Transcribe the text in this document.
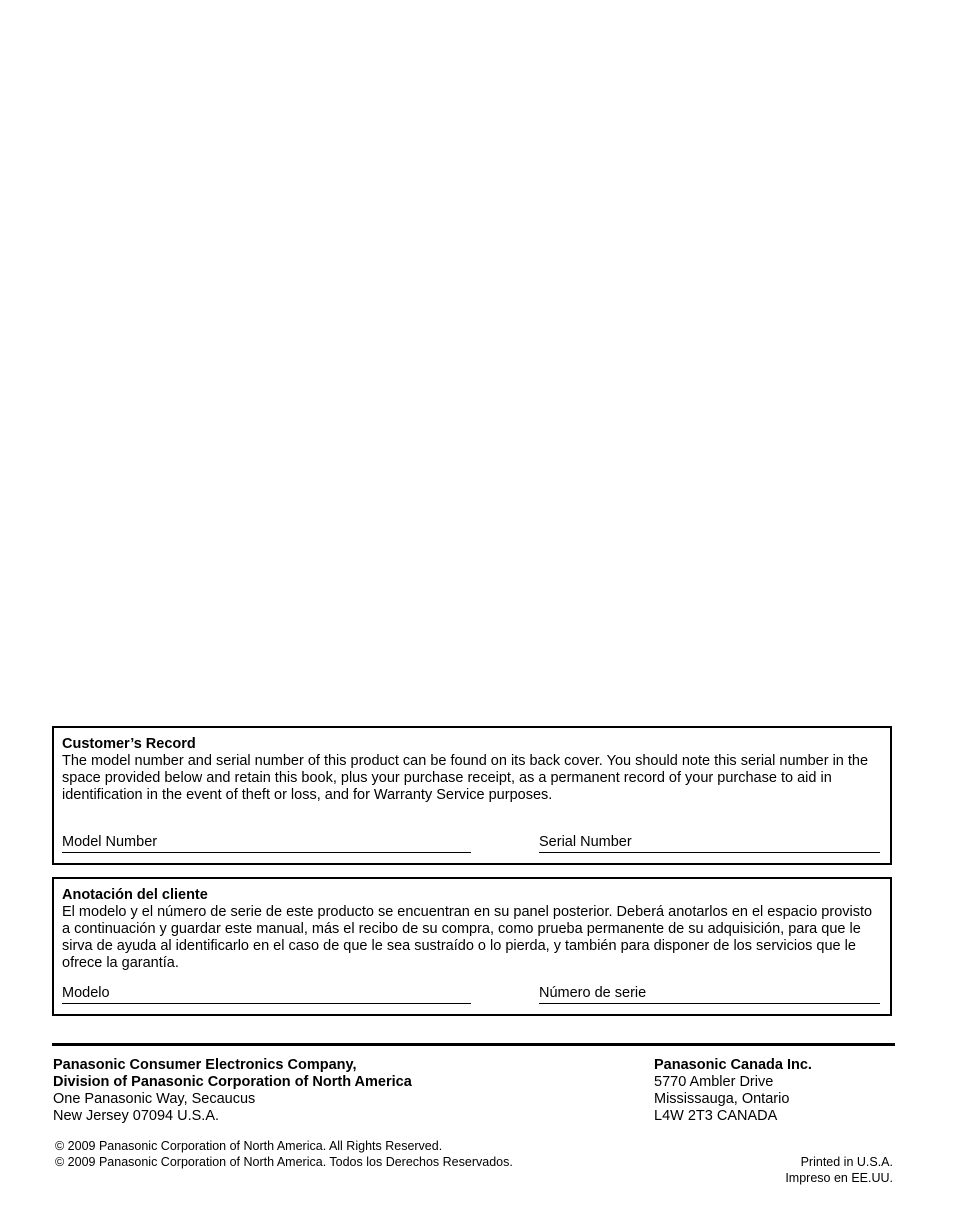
Customer’s Record
The model number and serial number of this product can be found on its back cover. You should note this serial number in the space provided below and retain this book, plus your purchase receipt, as a permanent record of your purchase to aid in identification in the event of theft or loss, and for Warranty Service purposes.
Model Number	Serial Number
Anotación del cliente
El modelo y el número de serie de este producto se encuentran en su panel posterior. Deberá anotarlos en el espacio provisto a continuación y guardar este manual, más el recibo de su compra, como prueba permanente de su adquisición, para que le sirva de ayuda al identificarlo en el caso de que le sea sustraído o lo pierda, y también para disponer de los servicios que le ofrece la garantía.
Modelo	Número de serie
Panasonic Consumer Electronics Company,
Division of Panasonic Corporation of North America
One Panasonic Way, Secaucus
New Jersey 07094 U.S.A.
Panasonic Canada Inc.
5770 Ambler Drive
Mississauga, Ontario
L4W 2T3 CANADA
© 2009 Panasonic Corporation of North America. All Rights Reserved.
© 2009 Panasonic Corporation of North America. Todos los Derechos Reservados.	Printed in U.S.A.
Impreso en EE.UU.
